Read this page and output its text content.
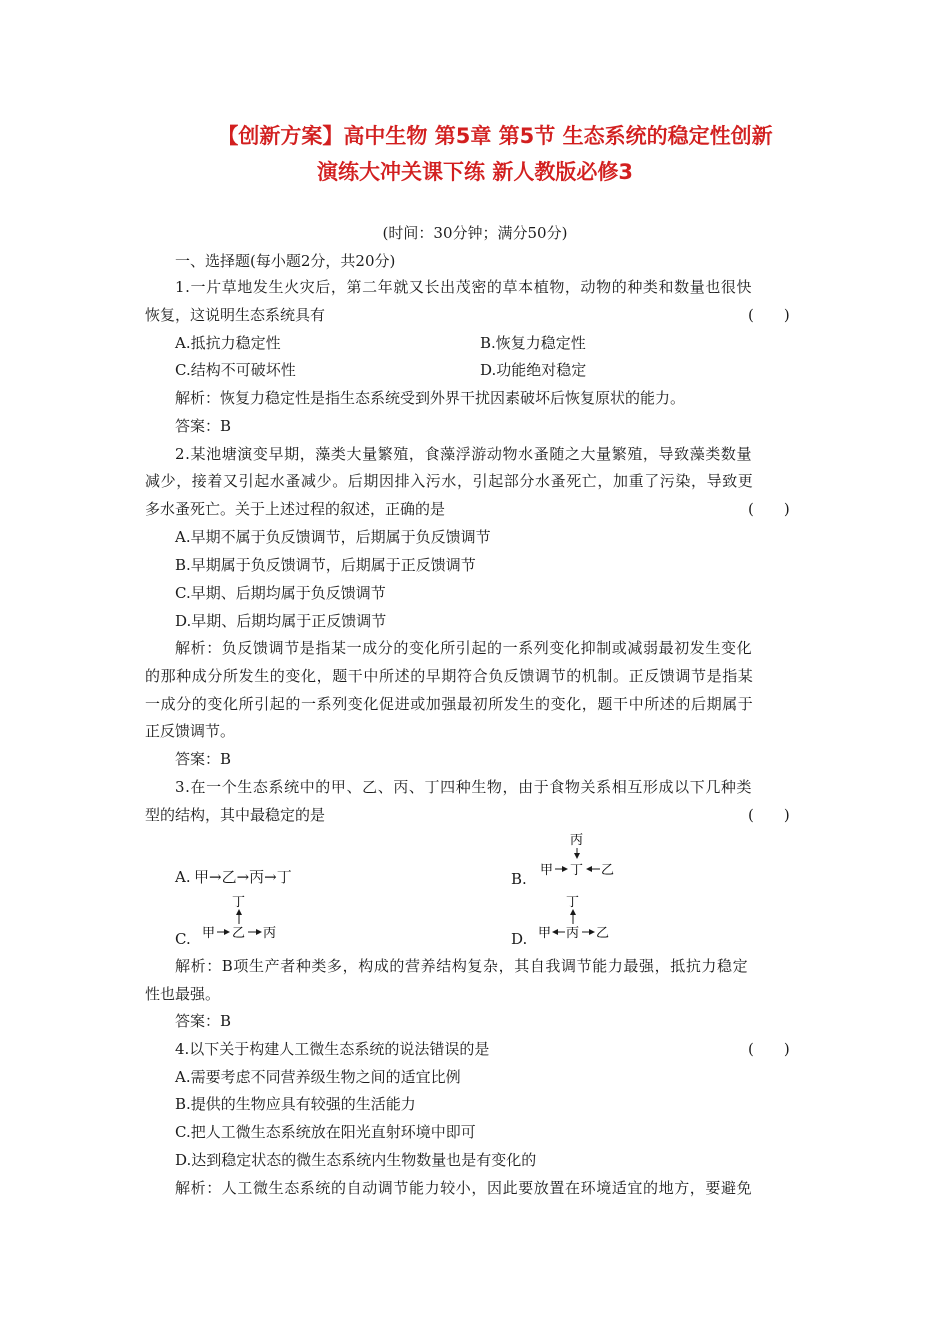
【创新方案】高中生物 第5章 第5节 生态系统的稳定性创新
演练大冲关课下练 新人教版必修3
(时间：30分钟；满分50分)
一、选择题(每小题2分，共20分)
1.一片草地发生火灾后，第二年就又长出茂密的草本植物，动物的种类和数量也很快
恢复，这说明生态系统具有	(　　)
A.抵抗力稳定性	B.恢复力稳定性
C.结构不可破坏性	D.功能绝对稳定
解析：恢复力稳定性是指生态系统受到外界干扰因素破坏后恢复原状的能力。
答案：B
2.某池塘演变早期，藻类大量繁殖，食藻浮游动物水蚤随之大量繁殖，导致藻类数量
减少，接着又引起水蚤减少。后期因排入污水，引起部分水蚤死亡，加重了污染，导致更
多水蚤死亡。关于上述过程的叙述，正确的是	(　　)
A.早期不属于负反馈调节，后期属于负反馈调节
B.早期属于负反馈调节，后期属于正反馈调节
C.早期、后期均属于负反馈调节
D.早期、后期均属于正反馈调节
解析：负反馈调节是指某一成分的变化所引起的一系列变化抑制或减弱最初发生变化
的那种成分所发生的变化，题干中所述的早期符合负反馈调节的机制。正反馈调节是指某
一成分的变化所引起的一系列变化促进或加强最初所发生的变化，题干中所述的后期属于
正反馈调节。
答案：B
3.在一个生态系统中的甲、乙、丙、丁四种生物，由于食物关系相互形成以下几种类
型的结构，其中最稳定的是	(　　)
A. 甲→乙→丙→丁	B.
丙
甲 丁 乙
C.
丁
甲 乙 丙	D.
丁
甲 丙 乙
解析：B项生产者种类多，构成的营养结构复杂，其自我调节能力最强，抵抗力稳定
性也最强。
答案：B
4.以下关于构建人工微生态系统的说法错误的是	(　　)
A.需要考虑不同营养级生物之间的适宜比例
B.提供的生物应具有较强的生活能力
C.把人工微生态系统放在阳光直射环境中即可
D.达到稳定状态的微生态系统内生物数量也是有变化的
解析：人工微生态系统的自动调节能力较小，因此要放置在环境适宜的地方，要避免
